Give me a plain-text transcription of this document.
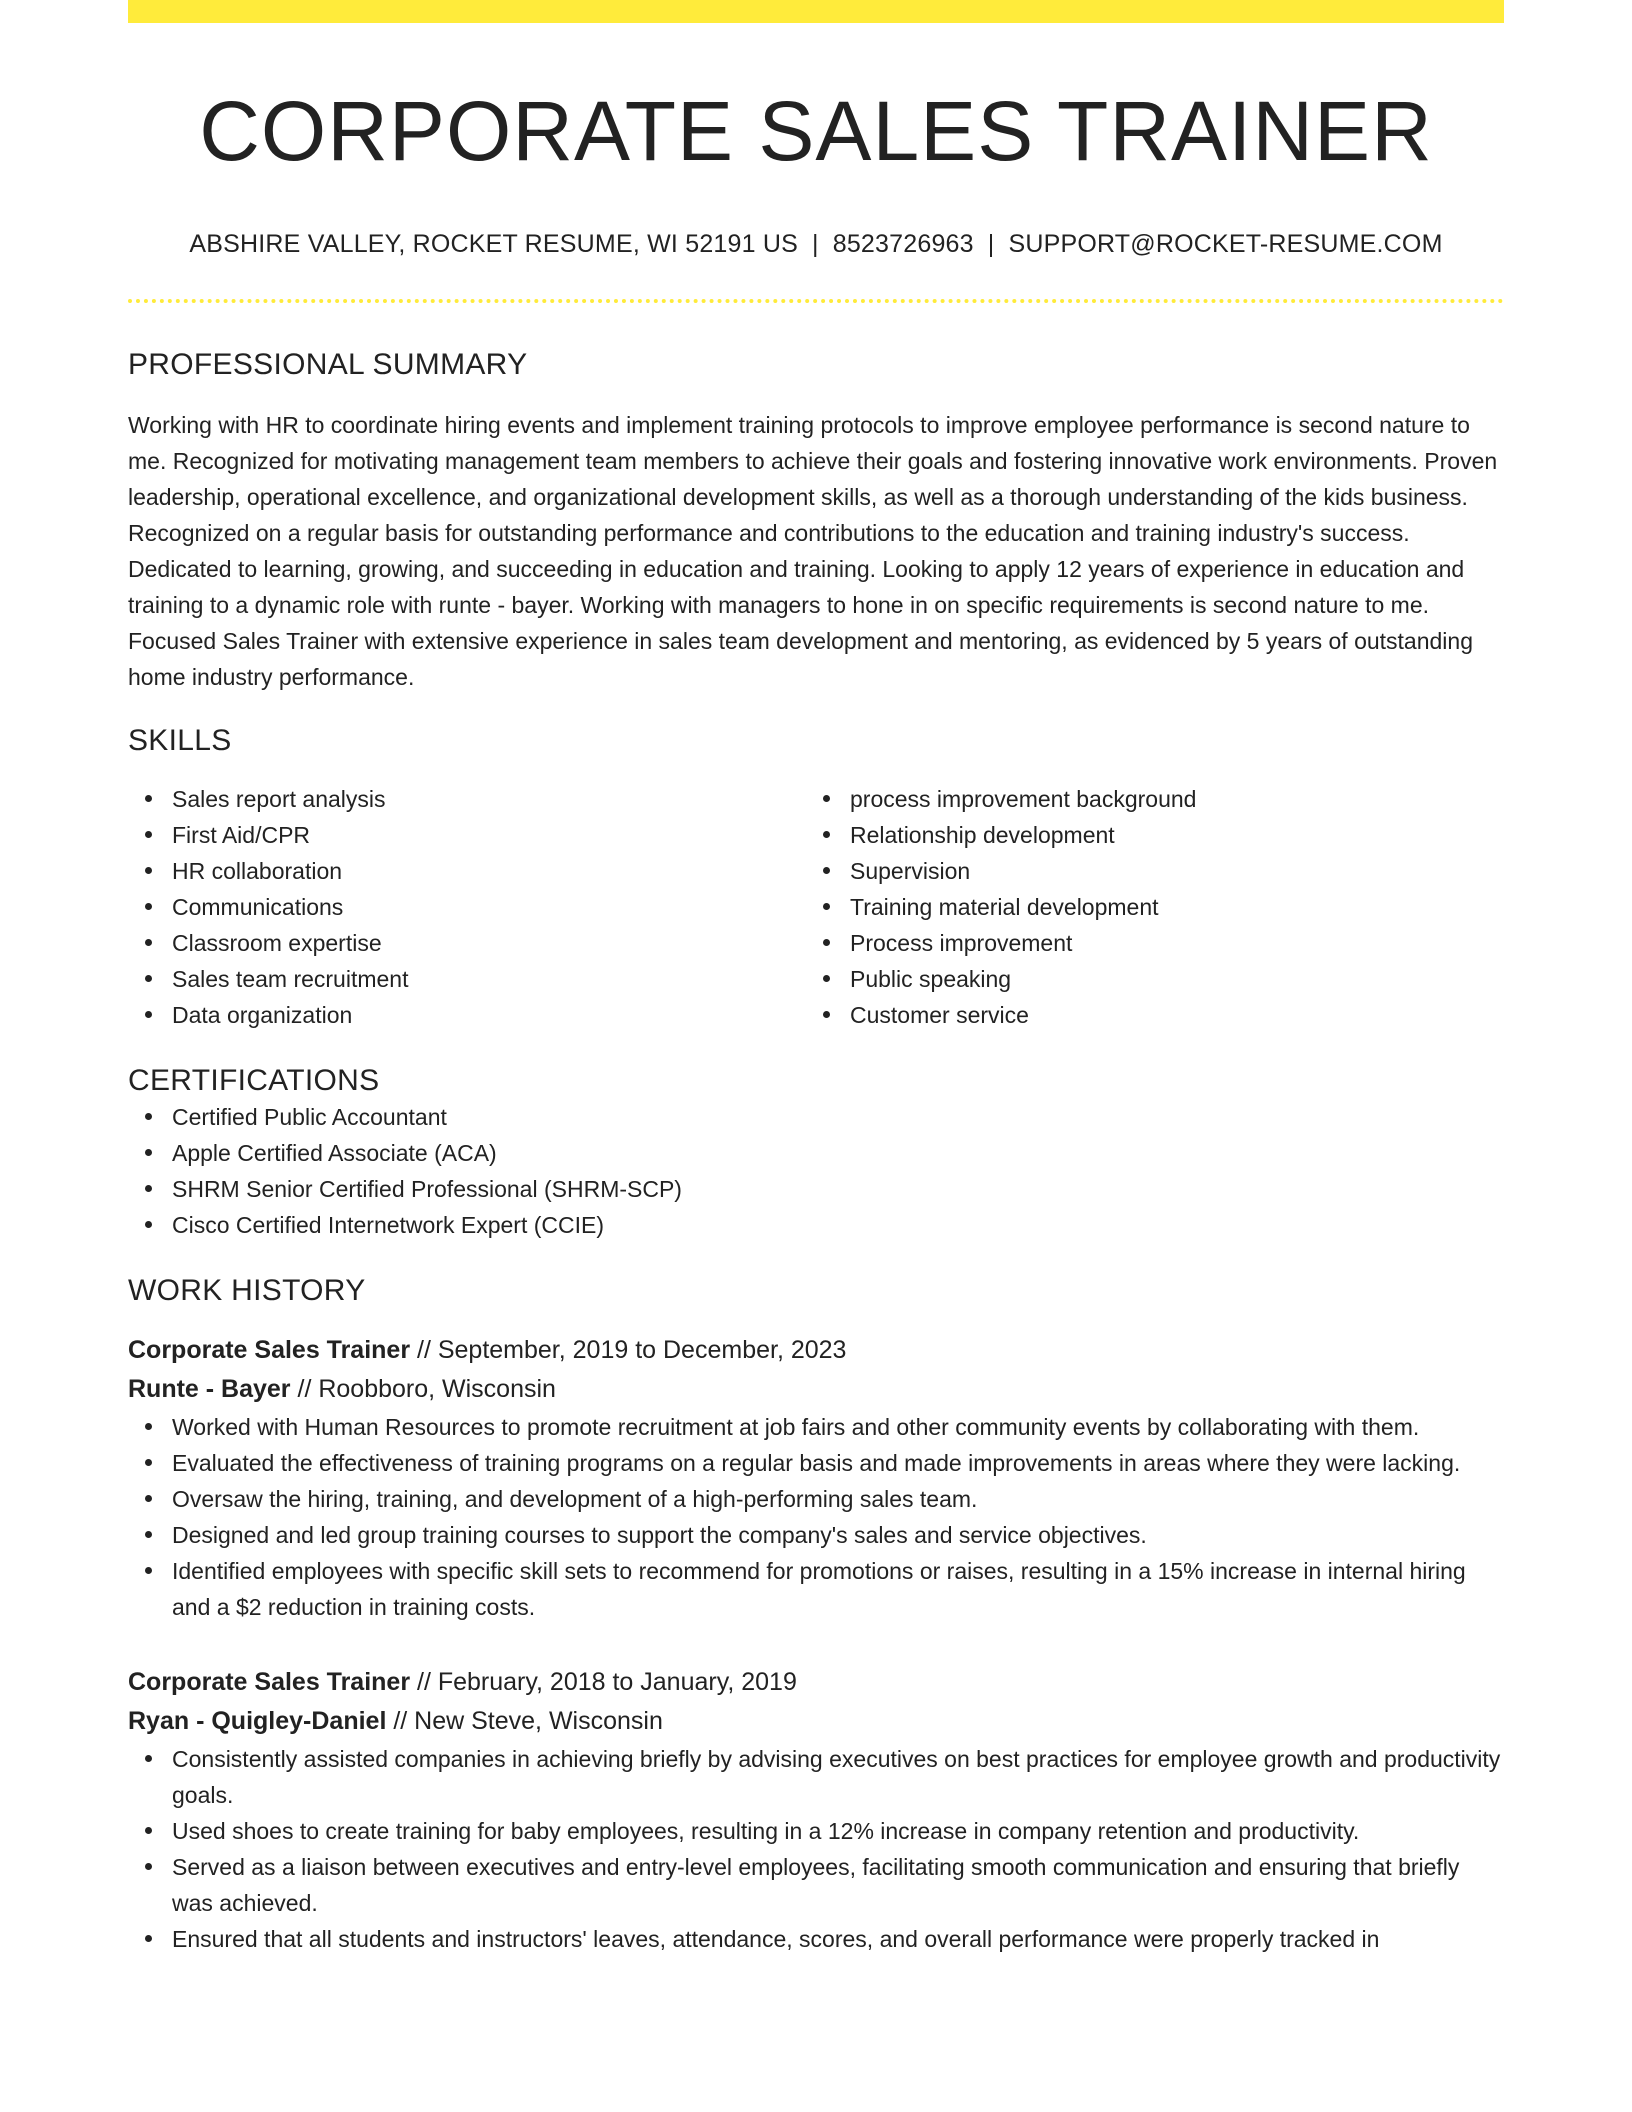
CORPORATE SALES TRAINER
ABSHIRE VALLEY, ROCKET RESUME, WI 52191 US | 8523726963 | SUPPORT@ROCKET-RESUME.COM
PROFESSIONAL SUMMARY

Working with HR to coordinate hiring events and implement training protocols to improve employee performance is second nature to me. Recognized for motivating management team members to achieve their goals and fostering innovative work environments. Proven leadership, operational excellence, and organizational development skills, as well as a thorough understanding of the kids business. Recognized on a regular basis for outstanding performance and contributions to the education and training industry's success. Dedicated to learning, growing, and succeeding in education and training. Looking to apply 12 years of experience in education and training to a dynamic role with runte - bayer. Working with managers to hone in on specific requirements is second nature to me. Focused Sales Trainer with extensive experience in sales team development and mentoring, as evidenced by 5 years of outstanding home industry performance.

SKILLS
Sales report analysis
First Aid/CPR
HR collaboration
Communications
Classroom expertise
Sales team recruitment
Data organization
process improvement background
Relationship development
Supervision
Training material development
Process improvement
Public speaking
Customer service
CERTIFICATIONS
Certified Public Accountant
Apple Certified Associate (ACA)
SHRM Senior Certified Professional (SHRM-SCP)
Cisco Certified Internetwork Expert (CCIE)
WORK HISTORY
Corporate Sales Trainer // September, 2019 to December, 2023
Runte - Bayer // Roobboro, Wisconsin
Worked with Human Resources to promote recruitment at job fairs and other community events by collaborating with them.
Evaluated the effectiveness of training programs on a regular basis and made improvements in areas where they were lacking.
Oversaw the hiring, training, and development of a high-performing sales team.
Designed and led group training courses to support the company's sales and service objectives.
Identified employees with specific skill sets to recommend for promotions or raises, resulting in a 15% increase in internal hiring and a $2 reduction in training costs.
Corporate Sales Trainer // February, 2018 to January, 2019
Ryan - Quigley-Daniel // New Steve, Wisconsin
Consistently assisted companies in achieving briefly by advising executives on best practices for employee growth and productivity goals.
Used shoes to create training for baby employees, resulting in a 12% increase in company retention and productivity.
Served as a liaison between executives and entry-level employees, facilitating smooth communication and ensuring that briefly was achieved.
Ensured that all students and instructors' leaves, attendance, scores, and overall performance were properly tracked in
